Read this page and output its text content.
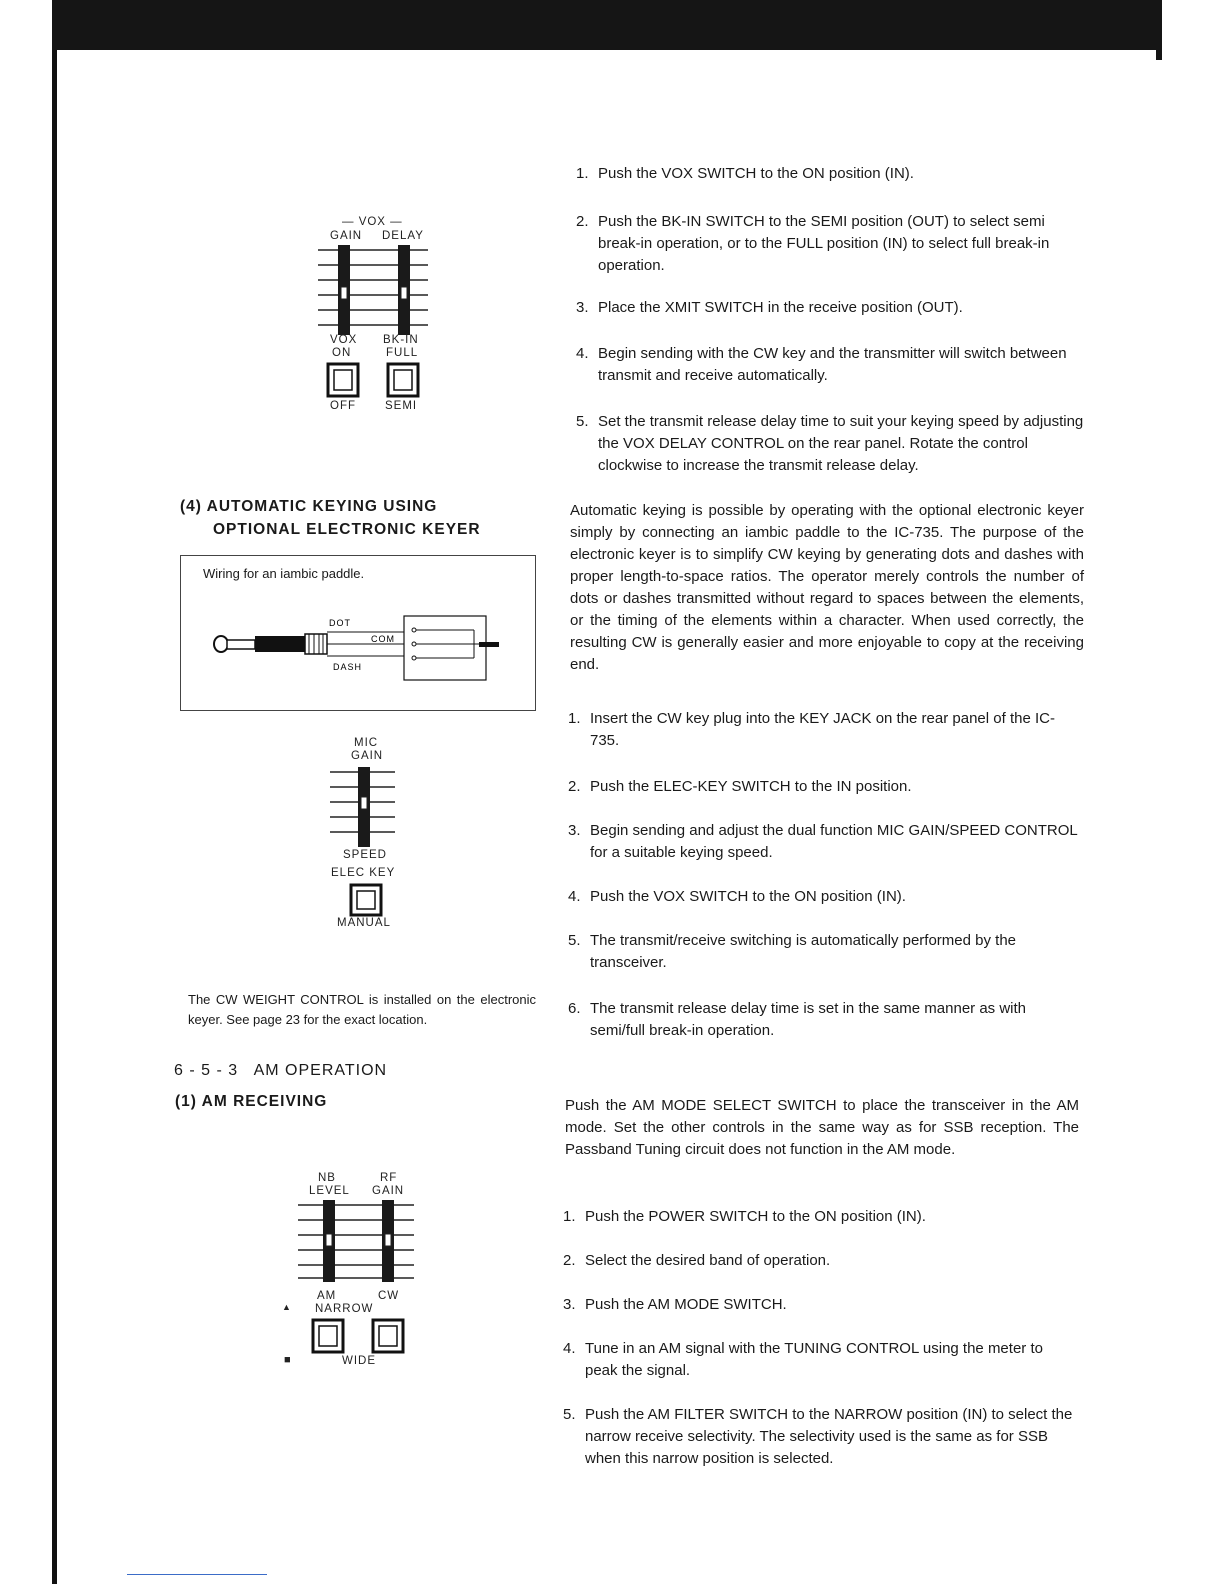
— VOX —
GAIN DELAY
VOX
ON
BK-IN
FULL
OFF	SEMI
(4) AUTOMATIC KEYING USING
OPTIONAL ELECTRONIC KEYER
Wiring for an iambic paddle.
DOT
COM
DASH
MIC
GAIN
SPEED
ELEC KEY
MANUAL

The CW WEIGHT CONTROL is installed on the electronic keyer. See page 23 for the exact location.

6 - 5 - 3   AM OPERATION
(1) AM RECEIVING
NB
LEVEL
RF
GAIN
AM	CW
▲ NARROW
■	WIDE
1. Push the VOX SWITCH to the ON position (IN).
2. Push the BK-IN SWITCH to the SEMI position (OUT) to select semi break-in operation, or to the FULL position (IN) to select full break-in operation.
3. Place the XMIT SWITCH in the receive position (OUT).
4. Begin sending with the CW key and the transmitter will switch between transmit and receive automatically.
5. Set the transmit release delay time to suit your keying speed by adjusting the VOX DELAY CONTROL on the rear panel. Rotate the control clockwise to increase the transmit release delay.

Automatic keying is possible by operating with the optional electronic keyer simply by connecting an iambic paddle to the IC-735. The purpose of the electronic keyer is to simplify CW keying by generating dots and dashes with proper length-to-space ratios. The operator merely controls the number of dots or dashes transmitted without regard to spaces between the elements, or the timing of the elements within a character. When used correctly, the resulting CW is generally easier and more enjoyable to copy at the receiving end.

1. Insert the CW key plug into the KEY JACK on the rear panel of the IC-735.
2. Push the ELEC-KEY SWITCH to the IN position.
3. Begin sending and adjust the dual function MIC GAIN/SPEED CONTROL for a suitable keying speed.
4. Push the VOX SWITCH to the ON position (IN).
5. The transmit/receive switching is automatically performed by the transceiver.
6. The transmit release delay time is set in the same manner as with semi/full break-in operation.

Push the AM MODE SELECT SWITCH to place the transceiver in the AM mode. Set the other controls in the same way as for SSB reception. The Passband Tuning circuit does not function in the AM mode.

1. Push the POWER SWITCH to the ON position (IN).
2. Select the desired band of operation.
3. Push the AM MODE SWITCH.
4. Tune in an AM signal with the TUNING CONTROL using the meter to peak the signal.
5. Push the AM FILTER SWITCH to the NARROW position (IN) to select the narrow receive selectivity. The selectivity used is the same as for SSB when this narrow position is selected.
